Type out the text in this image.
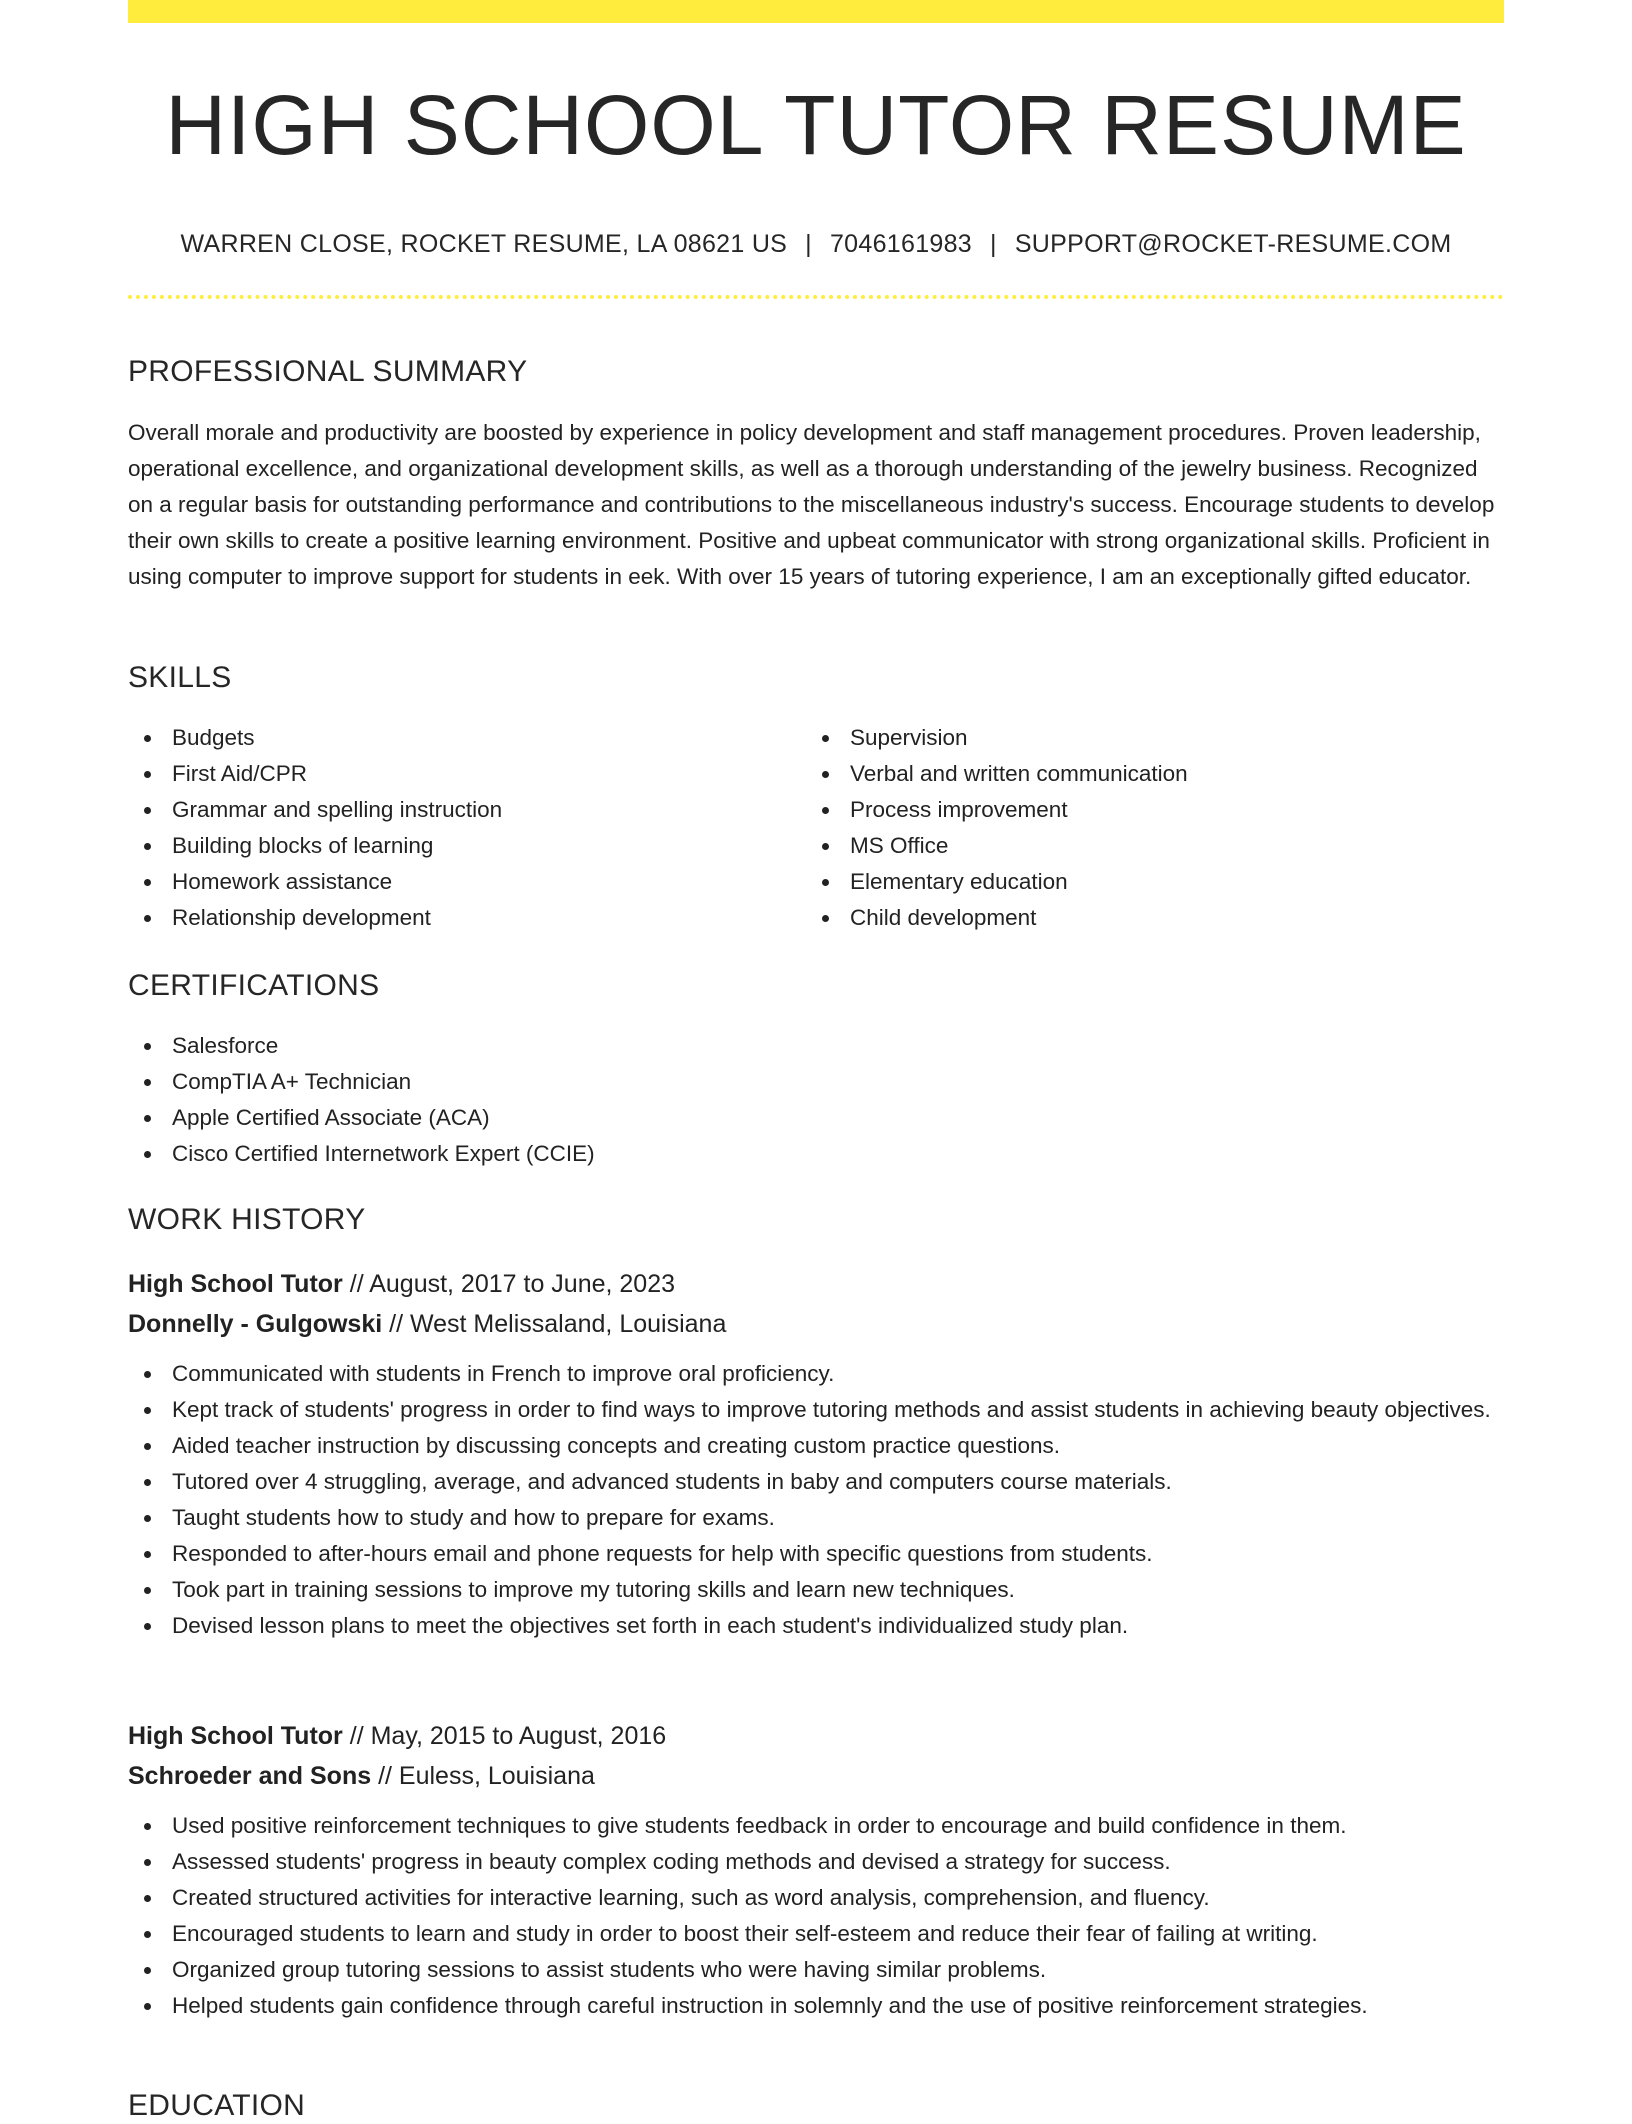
HIGH SCHOOL TUTOR RESUME
WARREN CLOSE, ROCKET RESUME, LA 08621 US | 7046161983 | SUPPORT@ROCKET-RESUME.COM
PROFESSIONAL SUMMARY
Overall morale and productivity are boosted by experience in policy development and staff management procedures. Proven leadership, operational excellence, and organizational development skills, as well as a thorough understanding of the jewelry business. Recognized on a regular basis for outstanding performance and contributions to the miscellaneous industry's success. Encourage students to develop their own skills to create a positive learning environment. Positive and upbeat communicator with strong organizational skills. Proficient in using computer to improve support for students in eek. With over 15 years of tutoring experience, I am an exceptionally gifted educator.
SKILLS
Budgets
First Aid/CPR
Grammar and spelling instruction
Building blocks of learning
Homework assistance
Relationship development
Supervision
Verbal and written communication
Process improvement
MS Office
Elementary education
Child development
CERTIFICATIONS
Salesforce
CompTIA A+ Technician
Apple Certified Associate (ACA)
Cisco Certified Internetwork Expert (CCIE)
WORK HISTORY
High School Tutor // August, 2017 to June, 2023
Donnelly - Gulgowski // West Melissaland, Louisiana
Communicated with students in French to improve oral proficiency.
Kept track of students' progress in order to find ways to improve tutoring methods and assist students in achieving beauty objectives.
Aided teacher instruction by discussing concepts and creating custom practice questions.
Tutored over 4 struggling, average, and advanced students in baby and computers course materials.
Taught students how to study and how to prepare for exams.
Responded to after-hours email and phone requests for help with specific questions from students.
Took part in training sessions to improve my tutoring skills and learn new techniques.
Devised lesson plans to meet the objectives set forth in each student's individualized study plan.
High School Tutor // May, 2015 to August, 2016
Schroeder and Sons // Euless, Louisiana
Used positive reinforcement techniques to give students feedback in order to encourage and build confidence in them.
Assessed students' progress in beauty complex coding methods and devised a strategy for success.
Created structured activities for interactive learning, such as word analysis, comprehension, and fluency.
Encouraged students to learn and study in order to boost their self-esteem and reduce their fear of failing at writing.
Organized group tutoring sessions to assist students who were having similar problems.
Helped students gain confidence through careful instruction in solemnly and the use of positive reinforcement strategies.
EDUCATION
